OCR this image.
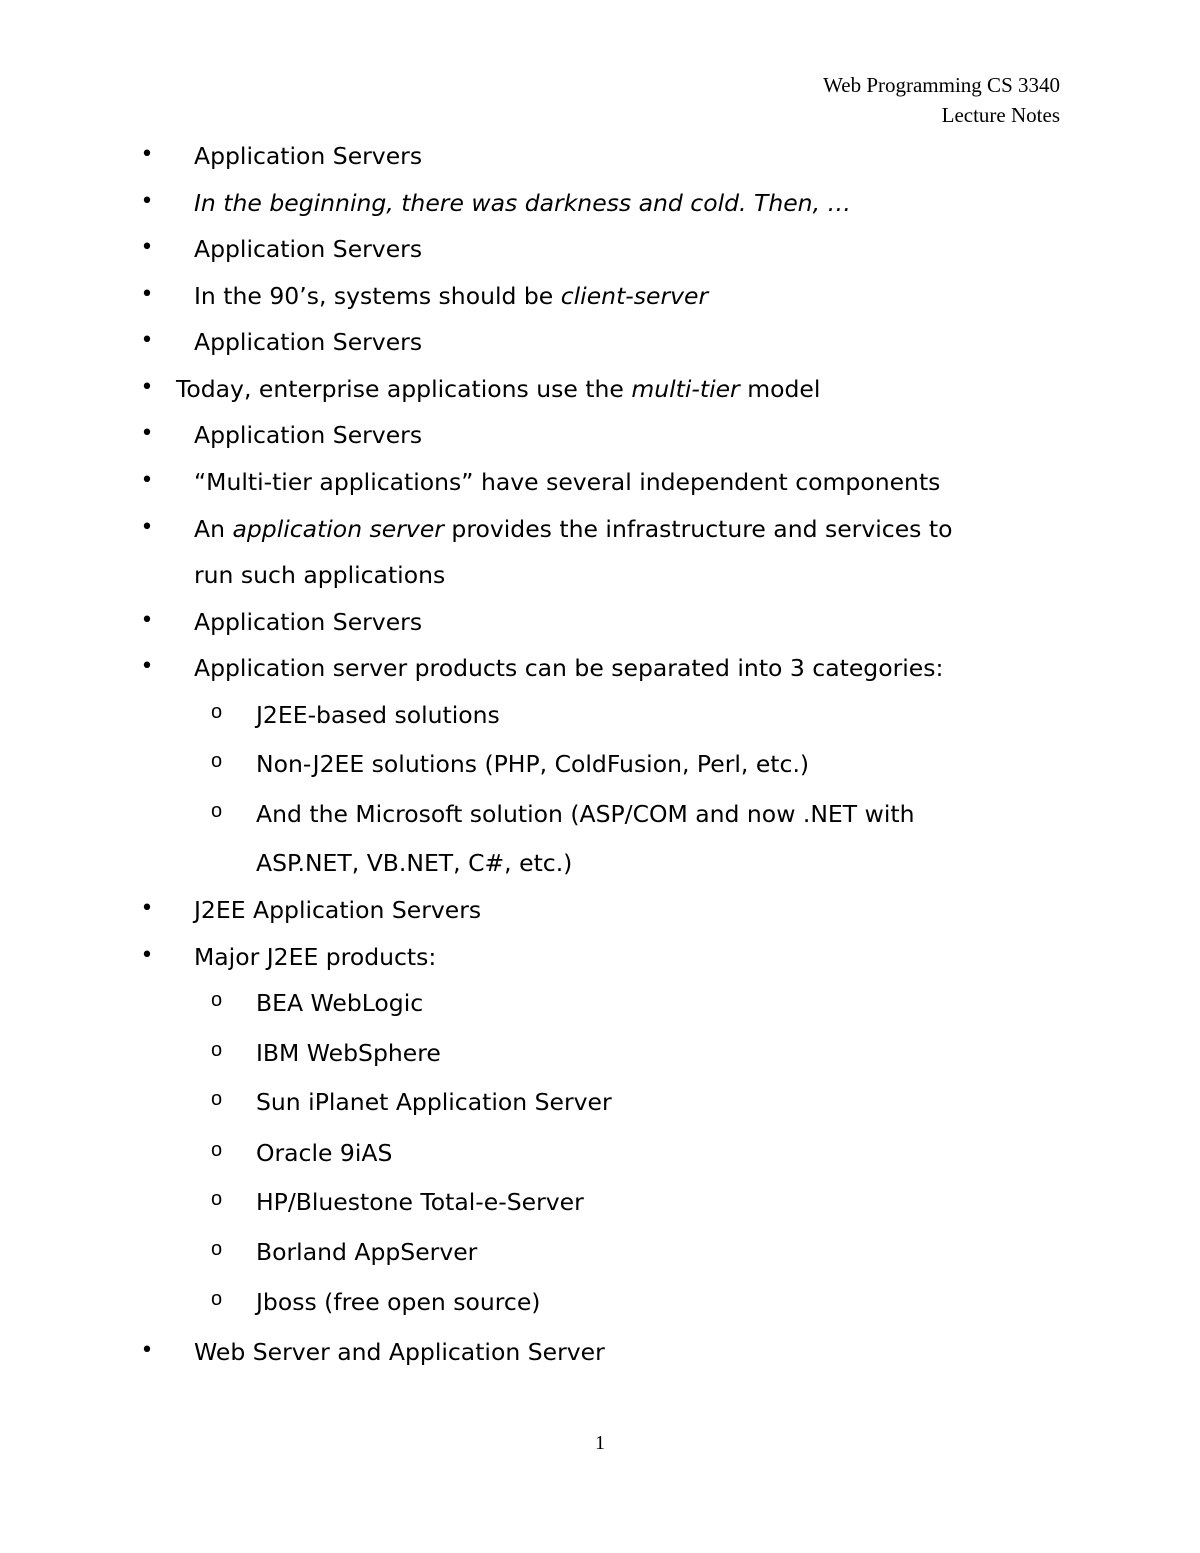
Web Programming CS 3340
Lecture Notes
• Application Servers
• In the beginning, there was darkness and cold. Then, …
• Application Servers
• In the 90’s, systems should be client-server
• Application Servers
• Today, enterprise applications use the multi-tier model
• Application Servers
• “Multi-tier applications” have several independent components
• An application server provides the infrastructure and services to
run such applications
• Application Servers
• Application server products can be separated into 3 categories:
o J2EE-based solutions
o Non-J2EE solutions (PHP, ColdFusion, Perl, etc.)
o And the Microsoft solution (ASP/COM and now .NET with
ASP.NET, VB.NET, C#, etc.)
• J2EE Application Servers
• Major J2EE products:
o BEA WebLogic
o IBM WebSphere
o Sun iPlanet Application Server
o Oracle 9iAS
o HP/Bluestone Total-e-Server
o Borland AppServer
o Jboss (free open source)
• Web Server and Application Server
1
